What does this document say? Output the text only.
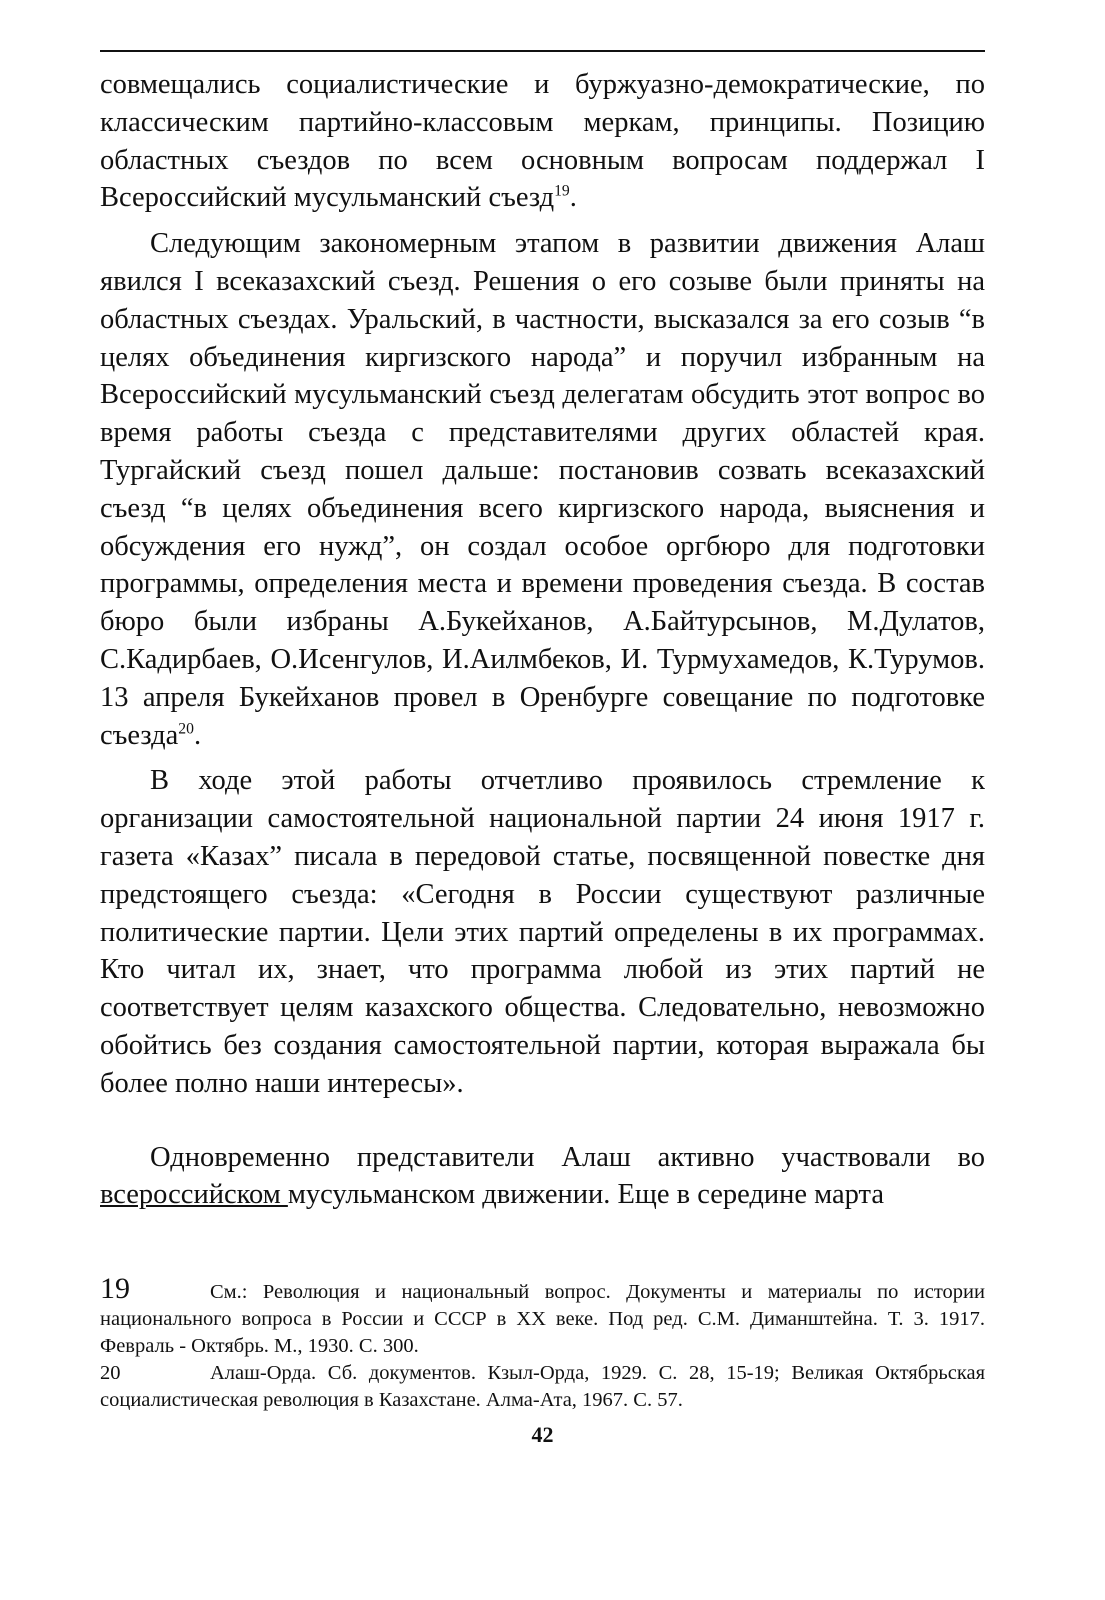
совмещались социалистические и буржуазно-демократические, по классическим партийно-классовым меркам, принципы. Позицию областных съездов по всем основным вопросам поддержал I Всероссийский мусульманский съезд$^{19}$.

Следующим закономерным этапом в развитии движения Алаш явился I всеказахский съезд. Решения о его созыве были приняты на областных съездах. Уральский, в частности, высказался за его созыв “в целях объединения киргизского народа” и поручил избранным на Всероссийский мусульманский съезд делегатам обсудить этот вопрос во время работы съезда с представителями других областей края. Тургайский съезд пошел дальше: постановив созвать всеказахский съезд “в целях объединения всего киргизского народа, выяснения и обсуждения его нужд”, он создал особое оргбюро для подготовки программы, определения места и времени проведения съезда. В состав бюро были избраны А.Букейханов, А.Байтурсынов, М.Дулатов, С.Кадирбаев, О.Исенгулов, И.Аилмбеков, И. Турмухамедов, К.Турумов. 13 апреля Букейханов провел в Оренбурге совещание по подготовке съезда$^{20}$.

В ходе этой работы отчетливо проявилось стремление к организации самостоятельной национальной партии 24 июня 1917 г. газета «Казах” писала в передовой статье, посвященной повестке дня предстоящего съезда: «Сегодня в России существуют различные политические партии. Цели этих партий определены в их программах. Кто читал их, знает, что программа любой из этих партий не соответствует целям казахского общества. Следовательно, невозможно обойтись без создания самостоятельной партии, которая выражала бы более полно наши интересы».

Одновременно представители Алаш активно участвовали во всероссийском мусульманском движении. Еще в середине марта

19	См.: Революция и национальный вопрос. Документы и материалы по истории национального вопроса в России и СССР в XX веке. Под ред. С.М. Диманштейна. Т. 3. 1917. Февраль - Октябрь. М., 1930. С. 300.

20	Алаш-Орда. Сб. документов. Кзыл-Орда, 1929. С. 28, 15-19; Великая Октябрьская социалистическая революция в Казахстане. Алма-Ата, 1967. С. 57.

42
